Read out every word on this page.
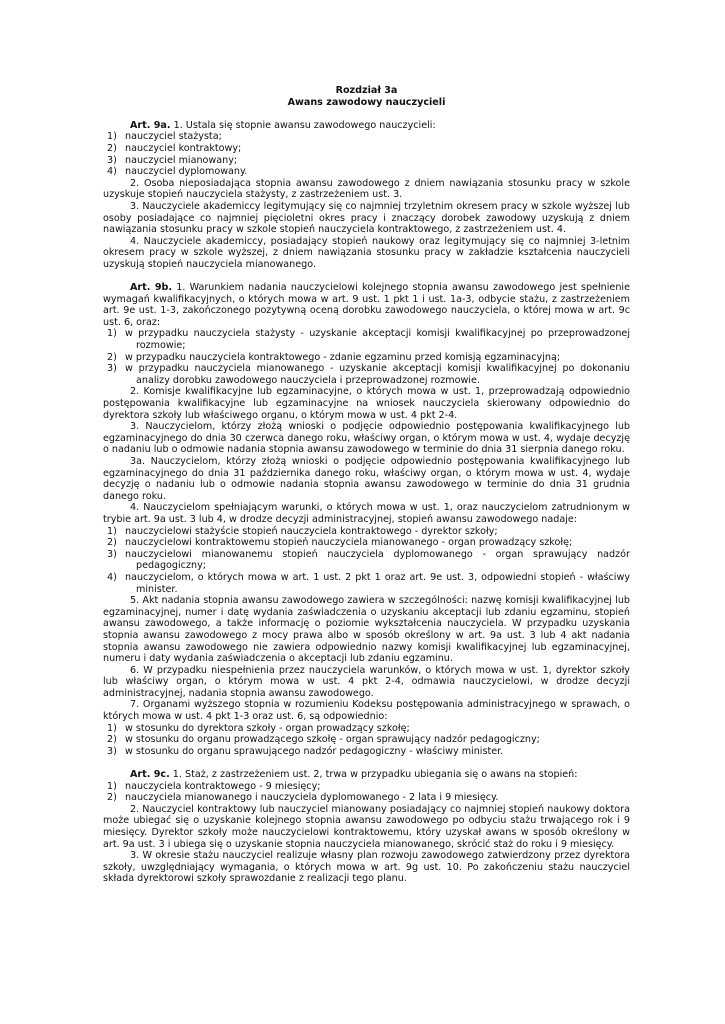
Rozdział 3a
Awans zawodowy nauczycieli

Art. 9a. 1. Ustala się stopnie awansu zawodowego nauczycieli:

1) nauczyciel stażysta;
2) nauczyciel kontraktowy;
3) nauczyciel mianowany;
4) nauczyciel dyplomowany.

2. Osoba nieposiadająca stopnia awansu zawodowego z dniem nawiązania stosunku pracy w szkole uzyskuje stopień nauczyciela stażysty, z zastrzeżeniem ust. 3.

3. Nauczyciele akademiccy legitymujący się co najmniej trzyletnim okresem pracy w szkole wyższej lub osoby posiadające co najmniej pięcioletni okres pracy i znaczący dorobek zawodowy uzyskują z dniem nawiązania stosunku pracy w szkole stopień nauczyciela kontraktowego, z zastrzeżeniem ust. 4.

4. Nauczyciele akademiccy, posiadający stopień naukowy oraz legitymujący się co najmniej 3-letnim okresem pracy w szkole wyższej, z dniem nawiązania stosunku pracy w zakładzie kształcenia nauczycieli uzyskują stopień nauczyciela mianowanego.

Art. 9b. 1. Warunkiem nadania nauczycielowi kolejnego stopnia awansu zawodowego jest spełnienie wymagań kwalifikacyjnych, o których mowa w art. 9 ust. 1 pkt 1 i ust. 1a-3, odbycie stażu, z zastrzeżeniem art. 9e ust. 1-3, zakończonego pozytywną oceną dorobku zawodowego nauczyciela, o której mowa w art. 9c ust. 6, oraz:

1) w przypadku nauczyciela stażysty - uzyskanie akceptacji komisji kwalifikacyjnej po przeprowadzonej rozmowie;
2) w przypadku nauczyciela kontraktowego - zdanie egzaminu przed komisją egzaminacyjną;
3) w przypadku nauczyciela mianowanego - uzyskanie akceptacji komisji kwalifikacyjnej po dokonaniu analizy dorobku zawodowego nauczyciela i przeprowadzonej rozmowie.

2. Komisje kwalifikacyjne lub egzaminacyjne, o których mowa w ust. 1, przeprowadzają odpowiednio postępowania kwalifikacyjne lub egzaminacyjne na wniosek nauczyciela skierowany odpowiednio do dyrektora szkoły lub właściwego organu, o którym mowa w ust. 4 pkt 2-4.

3. Nauczycielom, którzy złożą wnioski o podjęcie odpowiednio postępowania kwalifikacyjnego lub egzaminacyjnego do dnia 30 czerwca danego roku, właściwy organ, o którym mowa w ust. 4, wydaje decyzję o nadaniu lub o odmowie nadania stopnia awansu zawodowego w terminie do dnia 31 sierpnia danego roku.

3a. Nauczycielom, którzy złożą wnioski o podjęcie odpowiednio postępowania kwalifikacyjnego lub egzaminacyjnego do dnia 31 października danego roku, właściwy organ, o którym mowa w ust. 4, wydaje decyzję o nadaniu lub o odmowie nadania stopnia awansu zawodowego w terminie do dnia 31 grudnia danego roku.

4. Nauczycielom spełniającym warunki, o których mowa w ust. 1, oraz nauczycielom zatrudnionym w trybie art. 9a ust. 3 lub 4, w drodze decyzji administracyjnej, stopień awansu zawodowego nadaje:

1) nauczycielowi stażyście stopień nauczyciela kontraktowego - dyrektor szkoły;
2) nauczycielowi kontraktowemu stopień nauczyciela mianowanego - organ prowadzący szkołę;
3) nauczycielowi mianowanemu stopień nauczyciela dyplomowanego - organ sprawujący nadzór pedagogiczny;
4) nauczycielom, o których mowa w art. 1 ust. 2 pkt 1 oraz art. 9e ust. 3, odpowiedni stopień - właściwy minister.

5. Akt nadania stopnia awansu zawodowego zawiera w szczególności: nazwę komisji kwalifikacyjnej lub egzaminacyjnej, numer i datę wydania zaświadczenia o uzyskaniu akceptacji lub zdaniu egzaminu, stopień awansu zawodowego, a także informację o poziomie wykształcenia nauczyciela. W przypadku uzyskania stopnia awansu zawodowego z mocy prawa albo w sposób określony w art. 9a ust. 3 lub 4 akt nadania stopnia awansu zawodowego nie zawiera odpowiednio nazwy komisji kwalifikacyjnej lub egzaminacyjnej, numeru i daty wydania zaświadczenia o akceptacji lub zdaniu egzaminu.

6. W przypadku niespełnienia przez nauczyciela warunków, o których mowa w ust. 1, dyrektor szkoły lub właściwy organ, o którym mowa w ust. 4 pkt 2-4, odmawia nauczycielowi, w drodze decyzji administracyjnej, nadania stopnia awansu zawodowego.

7. Organami wyższego stopnia w rozumieniu Kodeksu postępowania administracyjnego w sprawach, o których mowa w ust. 4 pkt 1-3 oraz ust. 6, są odpowiednio:

1) w stosunku do dyrektora szkoły - organ prowadzący szkołę;
2) w stosunku do organu prowadzącego szkołę - organ sprawujący nadzór pedagogiczny;
3) w stosunku do organu sprawującego nadzór pedagogiczny - właściwy minister.

Art. 9c. 1. Staż, z zastrzeżeniem ust. 2, trwa w przypadku ubiegania się o awans na stopień:

1) nauczyciela kontraktowego - 9 miesięcy;
2) nauczyciela mianowanego i nauczyciela dyplomowanego - 2 lata i 9 miesięcy.

2. Nauczyciel kontraktowy lub nauczyciel mianowany posiadający co najmniej stopień naukowy doktora może ubiegać się o uzyskanie kolejnego stopnia awansu zawodowego po odbyciu stażu trwającego rok i 9 miesięcy. Dyrektor szkoły może nauczycielowi kontraktowemu, który uzyskał awans w sposób określony w art. 9a ust. 3 i ubiega się o uzyskanie stopnia nauczyciela mianowanego, skrócić staż do roku i 9 miesięcy.

3. W okresie stażu nauczyciel realizuje własny plan rozwoju zawodowego zatwierdzony przez dyrektora szkoły, uwzględniający wymagania, o których mowa w art. 9g ust. 10. Po zakończeniu stażu nauczyciel składa dyrektorowi szkoły sprawozdanie z realizacji tego planu.
